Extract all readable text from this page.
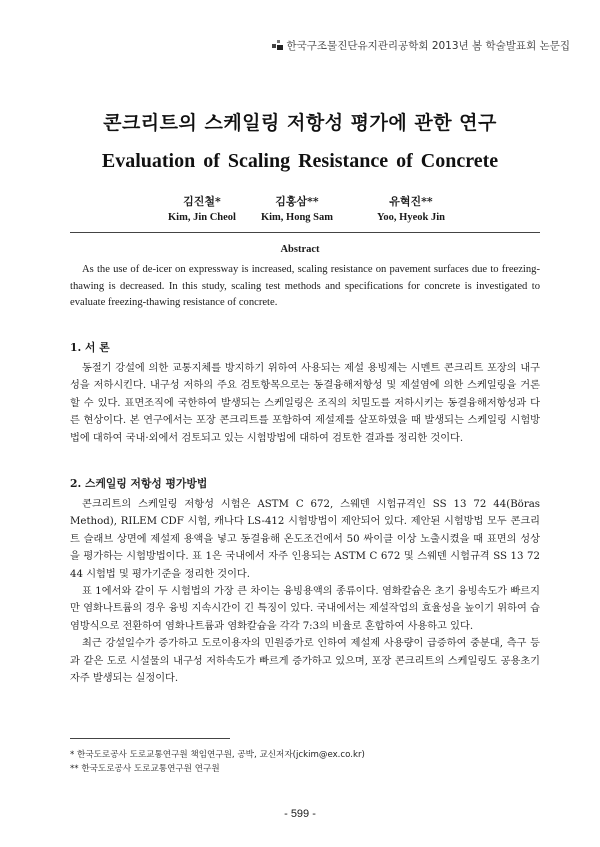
한국구조물진단유지관리공학회 2013년 봄 학술발표회 논문집
콘크리트의 스케일링 저항성 평가에 관한 연구
Evaluation of Scaling Resistance of Concrete
김진철*
Kim, Jin Cheol
김홍삼**
Kim, Hong Sam
유혁진**
Yoo, Hyeok Jin
Abstract
As the use of de-icer on expressway is increased, scaling resistance on pavement surfaces due to freezing-thawing is decreased. In this study, scaling test methods and specifications for concrete is investigated to evaluate freezing-thawing resistance of concrete.
1. 서 론

동절기 강설에 의한 교통지체를 방지하기 위하여 사용되는 제설 용빙제는 시멘트 콘크리트 포장의 내구성을 저하시킨다. 내구성 저하의 주요 검토항목으로는 동결융해저항성 및 제설염에 의한 스케일링을 거론할 수 있다. 표면조직에 국한하여 발생되는 스케일링은 조직의 치밀도를 저하시키는 동결융해저항성과 다른 현상이다. 본 연구에서는 포장 콘크리트를 포함하여 제설제를 살포하였을 때 발생되는 스케일링 시험방법에 대하여 국내·외에서 검토되고 있는 시험방법에 대하여 검토한 결과를 정리한 것이다.

2. 스케일링 저항성 평가방법

콘크리트의 스케일링 저항성 시험은 ASTM C 672, 스웨덴 시험규격인 SS 13 72 44(Böras Method), RILEM CDF 시험, 캐나다 LS-412 시험방법이 제안되어 있다. 제안된 시험방법 모두 콘크리트 슬래브 상면에 제설제 용액을 넣고 동결융해 온도조건에서 50 싸이클 이상 노출시켰을 때 표면의 성상을 평가하는 시험방법이다. 표 1은 국내에서 자주 인용되는 ASTM C 672 및 스웨덴 시험규격 SS 13 72 44 시험법 및 평가기준을 정리한 것이다.

표 1에서와 같이 두 시험법의 가장 큰 차이는 융빙용액의 종류이다. 염화칼슘은 초기 융빙속도가 빠르지만 염화나트륨의 경우 융빙 지속시간이 긴 특징이 있다. 국내에서는 제설작업의 효율성을 높이기 위하여 습염방식으로 전환하여 염화나트륨과 염화칼슘을 각각 7:3의 비율로 혼합하여 사용하고 있다.

최근 강설일수가 증가하고 도로이용자의 민원증가로 인하여 제설제 사용량이 급증하여 중분대, 측구 등과 같은 도로 시설물의 내구성 저하속도가 빠르게 증가하고 있으며, 포장 콘크리트의 스케일링도 공용초기 자주 발생되는 실정이다.

* 한국도로공사 도로교통연구원 책임연구원, 공박, 교신저자(jckim@ex.co.kr)
** 한국도로공사 도로교통연구원 연구원
- 599 -
